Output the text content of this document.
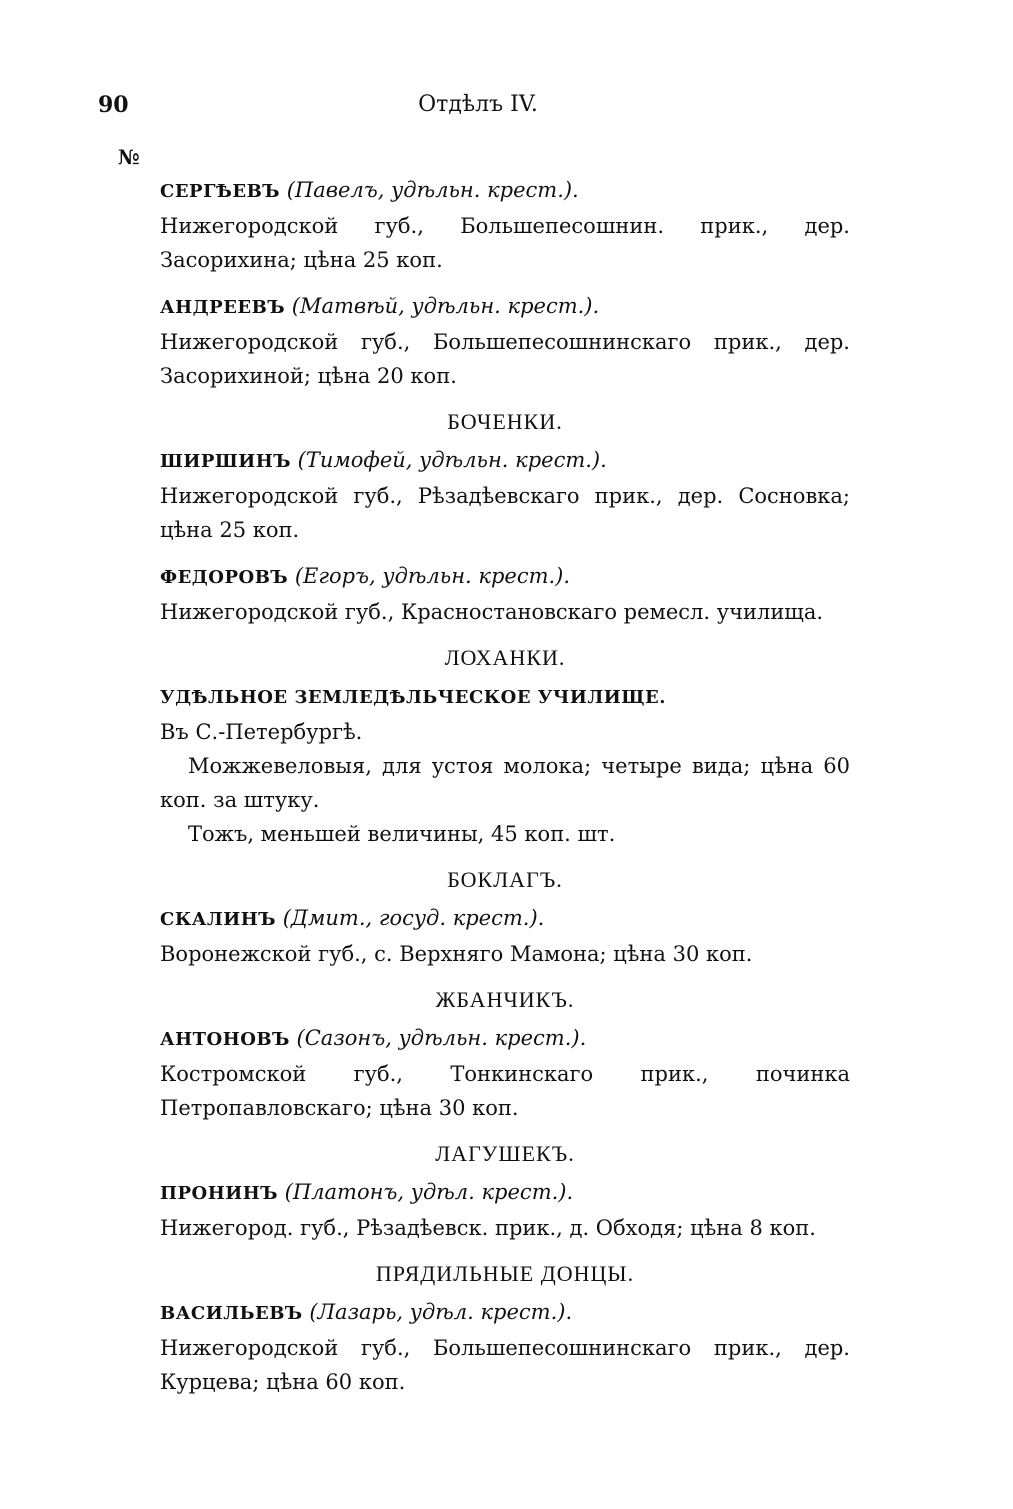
90	Отдѣлъ IV.
№
СЕРГѢЕВЪ (Павелъ, удѣльн. крест.).
Нижегородской губ., Большепесошнин. прик., дер. Засорихина; цѣна 25 коп.
АНДРЕЕВЪ (Матвѣй, удѣльн. крест.).
Нижегородской губ., Большепесошнинскаго прик., дер. Засорихиной; цѣна 20 коп.
БОЧЕНКИ.
ШИРШИНЪ (Тимофей, удѣльн. крест.).
Нижегородской губ., Рѣзадѣевскаго прик., дер. Сосновка; цѣна 25 коп.
ФЕДОРОВЪ (Егоръ, удѣльн. крест.).
Нижегородской губ., Красностановскаго ремесл. училища.
ЛОХАНКИ.
УДѢЛЬНОЕ ЗЕМЛЕДѢЛЬЧЕСКОЕ УЧИЛИЩЕ.
Въ С.-Петербургѣ.
Можжевеловыя, для устоя молока; четыре вида; цѣна 60 коп. за штуку.
Тожъ, меньшей величины, 45 коп. шт.
БОКЛАГЪ.
СКАЛИНЪ (Дмит., госуд. крест.).
Воронежской губ., с. Верхняго Мамона; цѣна 30 коп.
ЖБАНЧИКЪ.
АНТОНОВЪ (Сазонъ, удѣльн. крест.).
Костромской губ., Тонкинскаго прик., починка Петропавловскаго; цѣна 30 коп.
ЛАГУШЕКЪ.
ПРОНИНЪ (Платонъ, удѣл. крест.).
Нижегород. губ., Рѣзадѣевск. прик., д. Обходя; цѣна 8 коп.
ПРЯДИЛЬНЫЕ ДОНЦЫ.
ВАСИЛЬЕВЪ (Лазарь, удѣл. крест.).
Нижегородской губ., Большепесошнинскаго прик., дер. Курцева; цѣна 60 коп.
